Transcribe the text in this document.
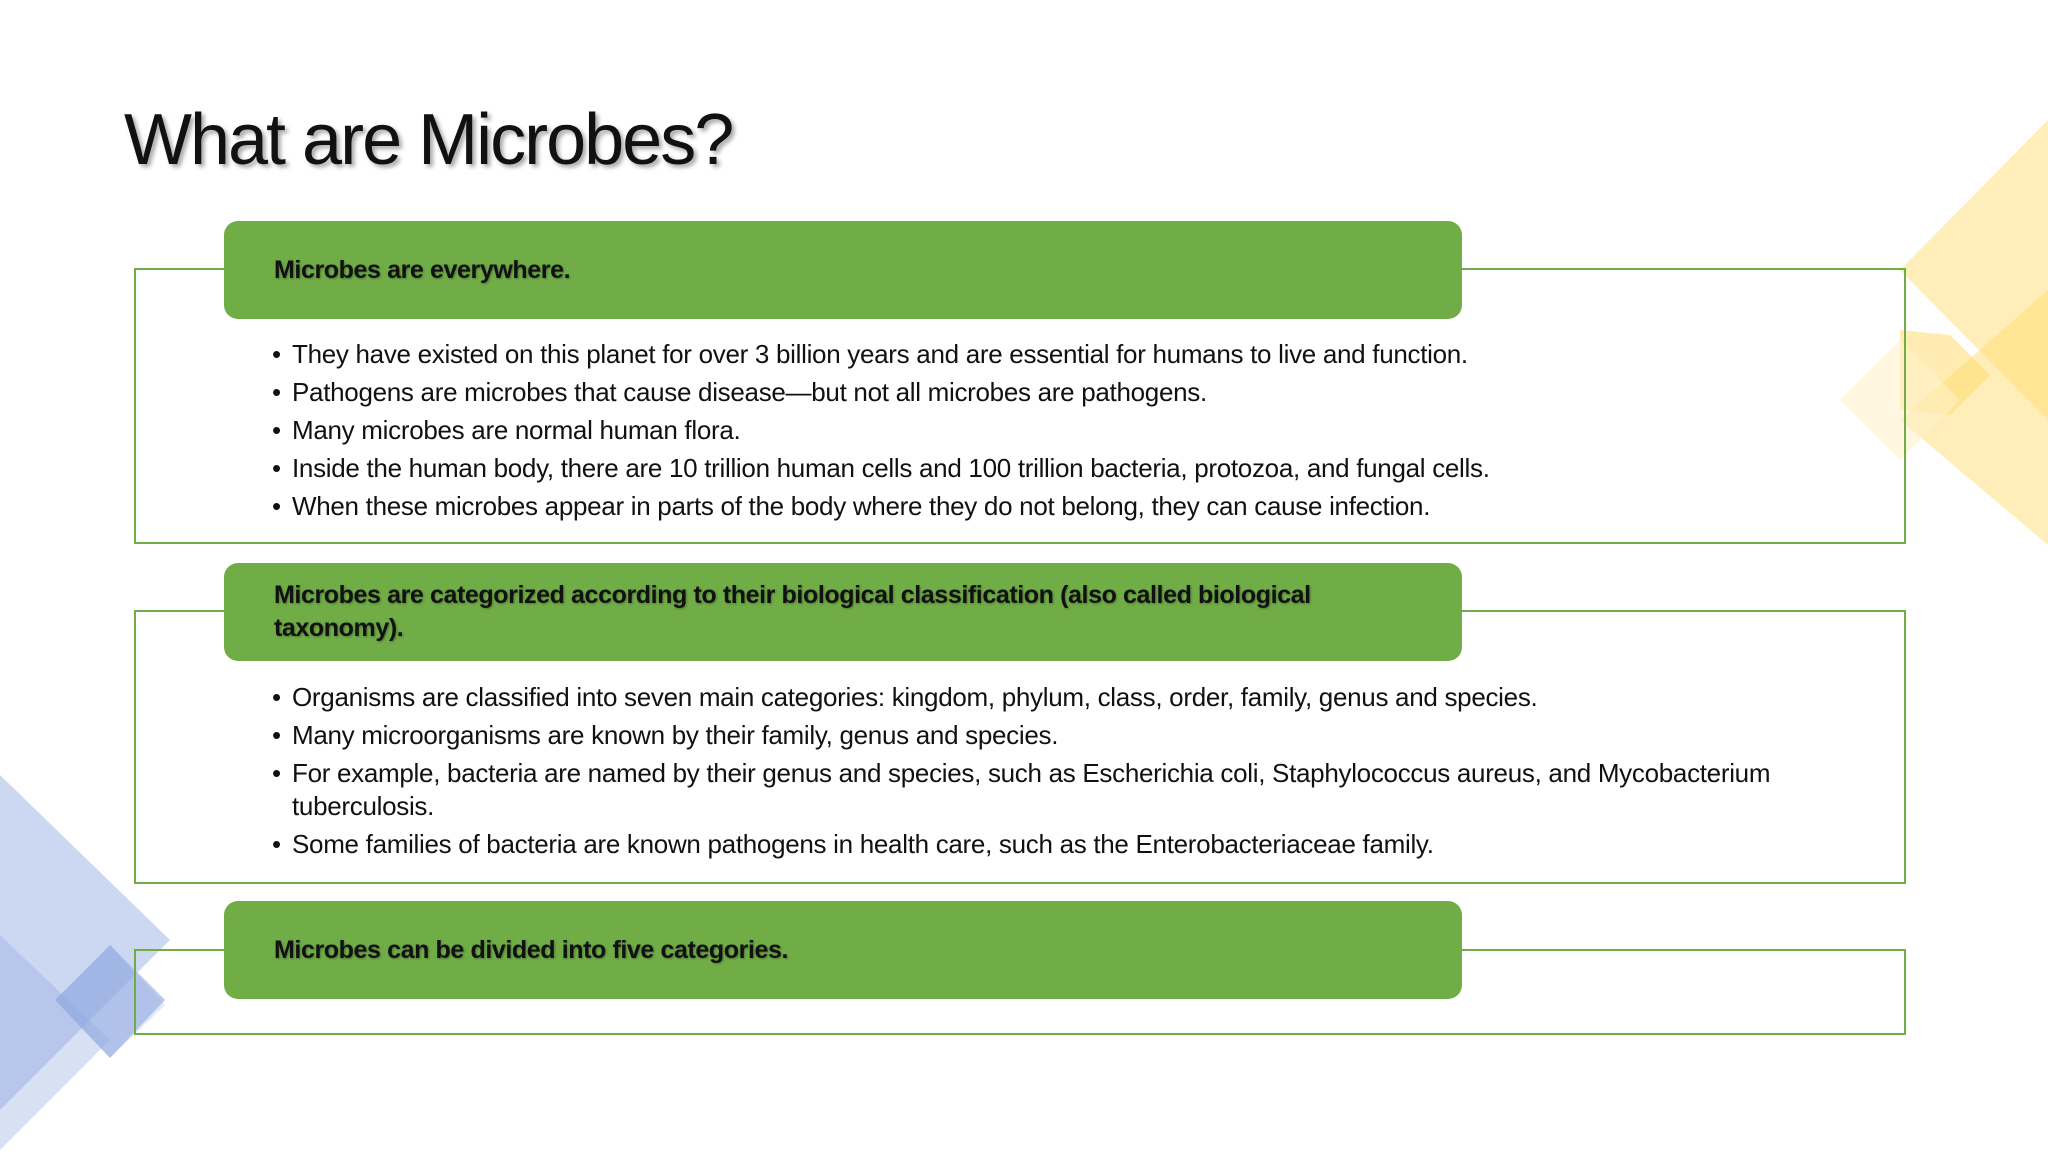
What are Microbes?
Microbes are everywhere.
• They have existed on this planet for over 3 billion years and are essential for humans to live and function.
• Pathogens are microbes that cause disease—but not all microbes are pathogens.
• Many microbes are normal human flora.
• Inside the human body, there are 10 trillion human cells and 100 trillion bacteria, protozoa, and fungal cells.
• When these microbes appear in parts of the body where they do not belong, they can cause infection.
Microbes are categorized according to their biological classification (also called biological taxonomy).
• Organisms are classified into seven main categories: kingdom, phylum, class, order, family, genus and species.
• Many microorganisms are known by their family, genus and species.
• For example, bacteria are named by their genus and species, such as Escherichia coli, Staphylococcus aureus, and Mycobacterium tuberculosis.
• Some families of bacteria are known pathogens in health care, such as the Enterobacteriaceae family.
Microbes can be divided into five categories.
